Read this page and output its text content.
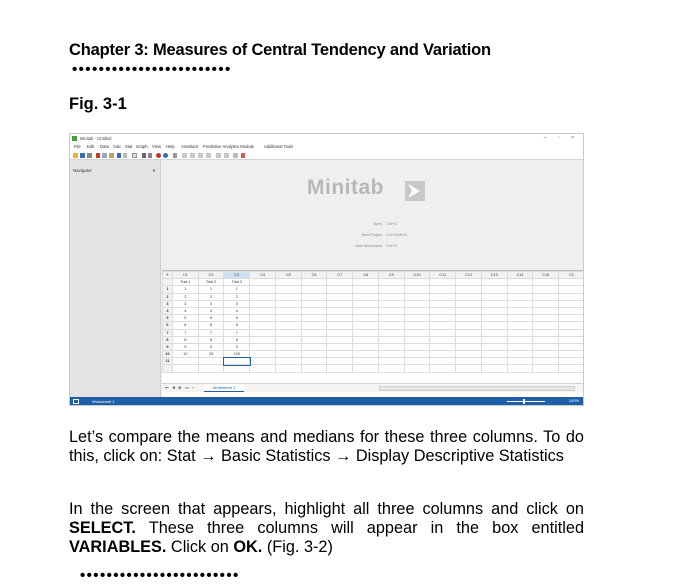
Chapter 3: Measures of Central Tendency and Variation
••••••••••••••••••••••••
Fig. 3-1
Minitab - Untitled	– ▫ ×
File Edit Data Calc Stat Graph View Help Assistant Predictive Analytics Module Additional Tools
Navigator	▼
Minitab
Open Ctrl+O
New Project Ctrl+Shift+N
New Worksheet Ctrl+N
+	C1	C2	C3	C4	C5	C6	C7	C8	C9	C10	C11	C12	C13	C14	C15	C1
	Trial 1	Trial 2	Trial 3													
1	1	1	1													
2	2	2	2													
3	3	3	3													
4	4	4	4													
5	5	5	5													
6	6	6	6													
7	7	7	7													
8	8	8	8													
9	9	9	9													
10	10	25	100													
11																

⏮ ◀ ▶ ⏭ +	Worksheet 1
Worksheet 1	100%
Let’s compare the means and medians for these three columns. To do this, click on: Stat → Basic Statistics → Display Descriptive Statistics
In the screen that appears, highlight all three columns and click on SELECT. These three columns will appear in the box entitled VARIABLES. Click on OK. (Fig. 3-2)
••••••••••••••••••••••••
